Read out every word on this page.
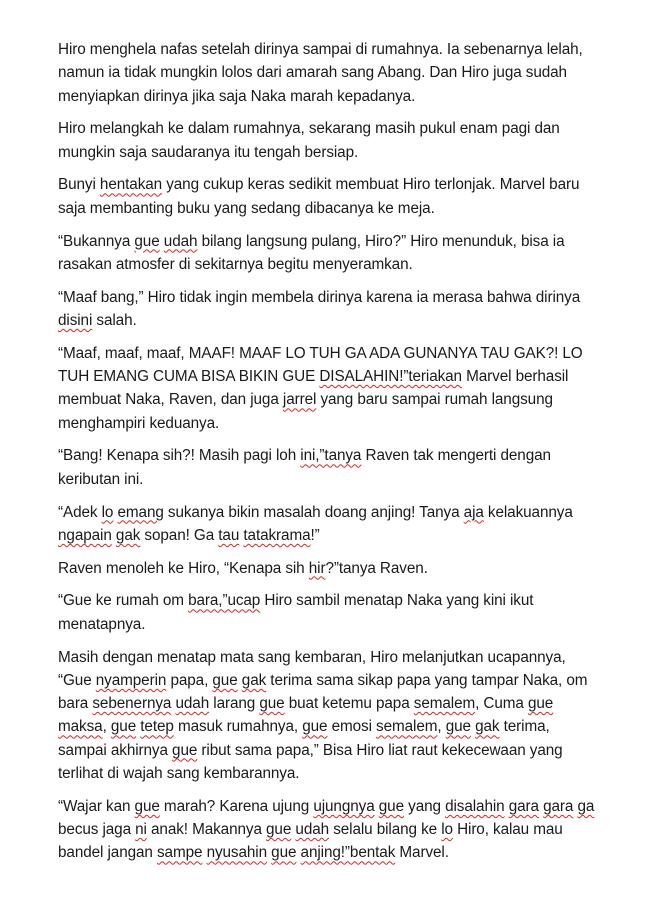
Hiro menghela nafas setelah dirinya sampai di rumahnya. Ia sebenarnya lelah, namun ia tidak mungkin lolos dari amarah sang Abang. Dan Hiro juga sudah menyiapkan dirinya jika saja Naka marah kepadanya.

Hiro melangkah ke dalam rumahnya, sekarang masih pukul enam pagi dan mungkin saja saudaranya itu tengah bersiap.

Bunyi hentakan yang cukup keras sedikit membuat Hiro terlonjak. Marvel baru saja membanting buku yang sedang dibacanya ke meja.

“Bukannya gue udah bilang langsung pulang, Hiro?” Hiro menunduk, bisa ia rasakan atmosfer di sekitarnya begitu menyeramkan.

“Maaf bang,” Hiro tidak ingin membela dirinya karena ia merasa bahwa dirinya disini salah.

“Maaf, maaf, maaf, MAAF! MAAF LO TUH GA ADA GUNANYA TAU GAK?! LO TUH EMANG CUMA BISA BIKIN GUE DISALAHIN!”teriakan Marvel berhasil membuat Naka, Raven, dan juga jarrel yang baru sampai rumah langsung menghampiri keduanya.

“Bang! Kenapa sih?! Masih pagi loh ini,”tanya Raven tak mengerti dengan keributan ini.

“Adek lo emang sukanya bikin masalah doang anjing! Tanya aja kelakuannya ngapain gak sopan! Ga tau tatakrama!”

Raven menoleh ke Hiro, “Kenapa sih hir?”tanya Raven.

“Gue ke rumah om bara,”ucap Hiro sambil menatap Naka yang kini ikut menatapnya.

Masih dengan menatap mata sang kembaran, Hiro melanjutkan ucapannya, “Gue nyamperin papa, gue gak terima sama sikap papa yang tampar Naka, om bara sebenernya udah larang gue buat ketemu papa semalem, Cuma gue maksa, gue tetep masuk rumahnya, gue emosi semalem, gue gak terima, sampai akhirnya gue ribut sama papa,” Bisa Hiro liat raut kekecewaan yang terlihat di wajah sang kembarannya.

“Wajar kan gue marah? Karena ujung ujungnya gue yang disalahin gara gara ga becus jaga ni anak! Makannya gue udah selalu bilang ke lo Hiro, kalau mau bandel jangan sampe nyusahin gue anjing!”bentak Marvel.
